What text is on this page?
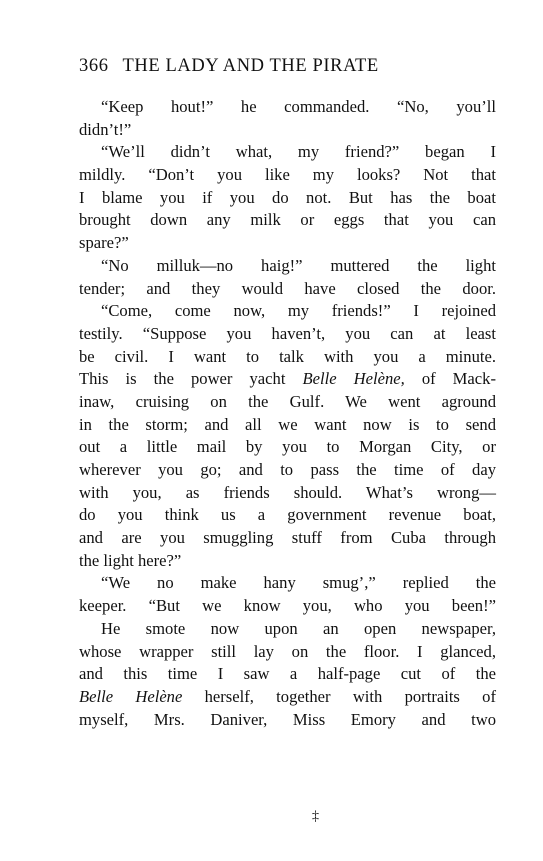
366 THE LADY AND THE PIRATE
“Keep hout!” he commanded. “No, you’ll
didn’t!”
“We’ll didn’t what, my friend?” began I
mildly. “Don’t you like my looks? Not that
I blame you if you do not. But has the boat
brought down any milk or eggs that you can
spare?”
“No milluk—no haig!” muttered the light
tender; and they would have closed the door.
“Come, come now, my friends!” I rejoined
testily. “Suppose you haven’t, you can at least
be civil. I want to talk with you a minute.
This is the power yacht Belle Helène, of Mack-
inaw, cruising on the Gulf. We went aground
in the storm; and all we want now is to send
out a little mail by you to Morgan City, or
wherever you go; and to pass the time of day
with you, as friends should. What’s wrong—
do you think us a government revenue boat,
and are you smuggling stuff from Cuba through
the light here?”
“We no make hany smug’,” replied the
keeper. “But we know you, who you been!”
He smote now upon an open newspaper,
whose wrapper still lay on the floor. I glanced,
and this time I saw a half-page cut of the
Belle Helène herself, together with portraits of
myself, Mrs. Daniver, Miss Emory and two
‡
